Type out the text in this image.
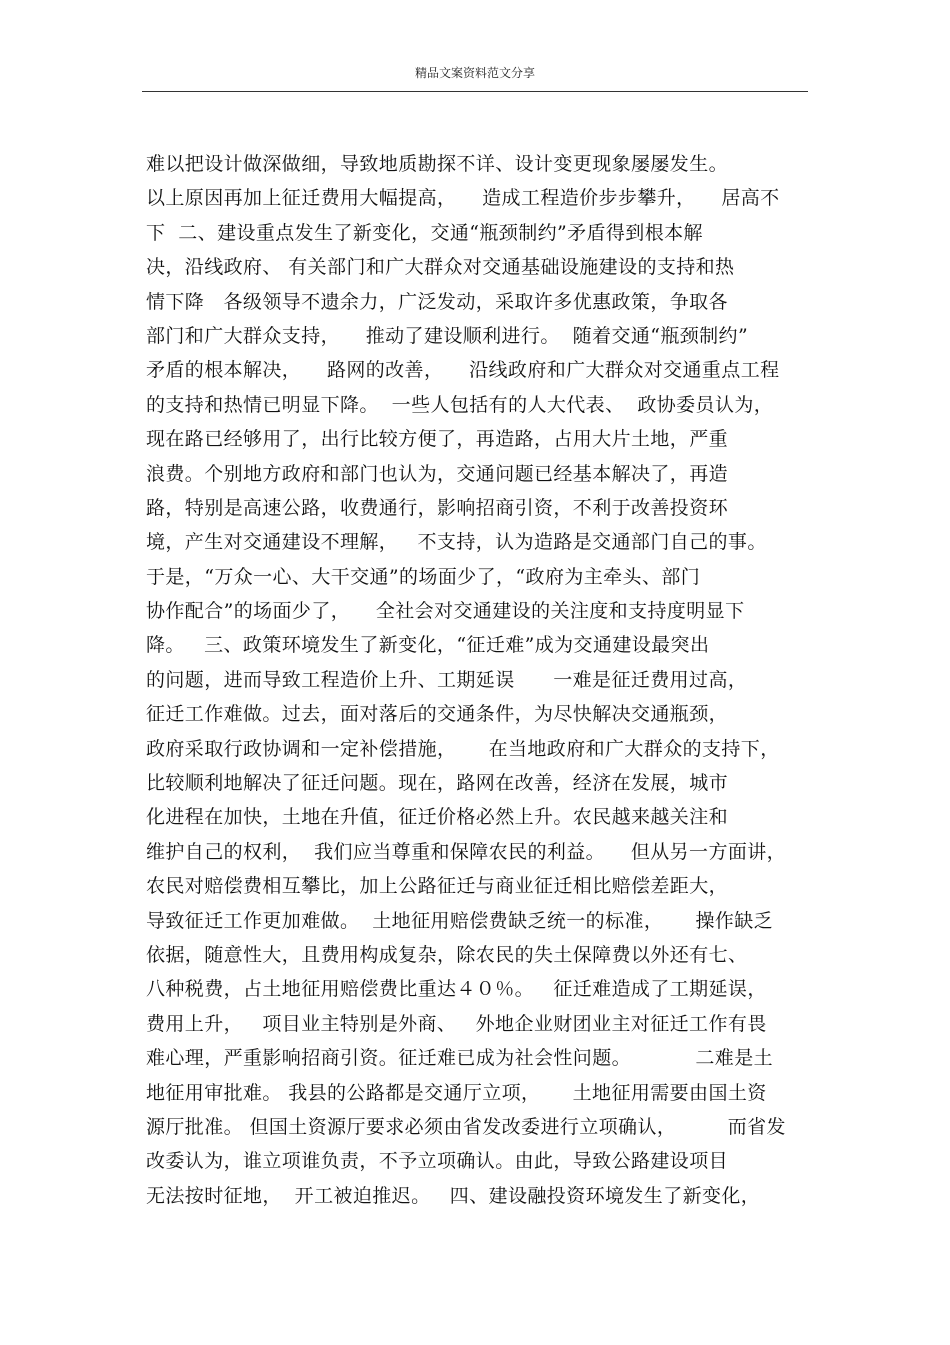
精品文案资料范文分享
难以把设计做深做细，导致地质勘探不详、设计变更现象屡屡发生。
以上原因再加上征迁费用大幅提高，    造成工程造价步步攀升，    居高不
下  二、建设重点发生了新变化，交通“瓶颈制约”矛盾得到根本解
决，沿线政府、 有关部门和广大群众对交通基础设施建设的支持和热
情下降   各级领导不遗余力，广泛发动，采取许多优惠政策，争取各
部门和广大群众支持，    推动了建设顺利进行。  随着交通“瓶颈制约”
矛盾的根本解决，    路网的改善，    沿线政府和广大群众对交通重点工程
的支持和热情已明显下降。  一些人包括有的人大代表、  政协委员认为，
现在路已经够用了，出行比较方便了，再造路，占用大片土地，严重
浪费。个别地方政府和部门也认为，交通问题已经基本解决了，再造
路，特别是高速公路，收费通行，影响招商引资，不利于改善投资环
境，产生对交通建设不理解，   不支持，认为造路是交通部门自己的事。
于是，“万众一心、大干交通”的场面少了，“政府为主牵头、部门
协作配合”的场面少了，    全社会对交通建设的关注度和支持度明显下
降。   三、政策环境发生了新变化，“征迁难”成为交通建设最突出
的问题，进而导致工程造价上升、工期延误      一难是征迁费用过高，
征迁工作难做。过去，面对落后的交通条件，为尽快解决交通瓶颈，
政府采取行政协调和一定补偿措施，     在当地政府和广大群众的支持下，
比较顺利地解决了征迁问题。现在，路网在改善，经济在发展，城市
化进程在加快，土地在升值，征迁价格必然上升。农民越来越关注和
维护自己的权利，  我们应当尊重和保障农民的利益。    但从另一方面讲，
农民对赔偿费相互攀比，加上公路征迁与商业征迁相比赔偿差距大，
导致征迁工作更加难做。  土地征用赔偿费缺乏统一的标准，     操作缺乏
依据，随意性大，且费用构成复杂，除农民的失土保障费以外还有七、
八种税费，占土地征用赔偿费比重达４０％。   征迁难造成了工期延误，
费用上升，   项目业主特别是外商、   外地企业财团业主对征迁工作有畏
难心理，严重影响招商引资。征迁难已成为社会性问题。          二难是土
地征用审批难。 我县的公路都是交通厅立项，     土地征用需要由国土资
源厅批准。 但国土资源厅要求必须由省发改委进行立项确认，        而省发
改委认为，谁立项谁负责，不予立项确认。由此，导致公路建设项目
无法按时征地，  开工被迫推迟。   四、建设融投资环境发生了新变化，
